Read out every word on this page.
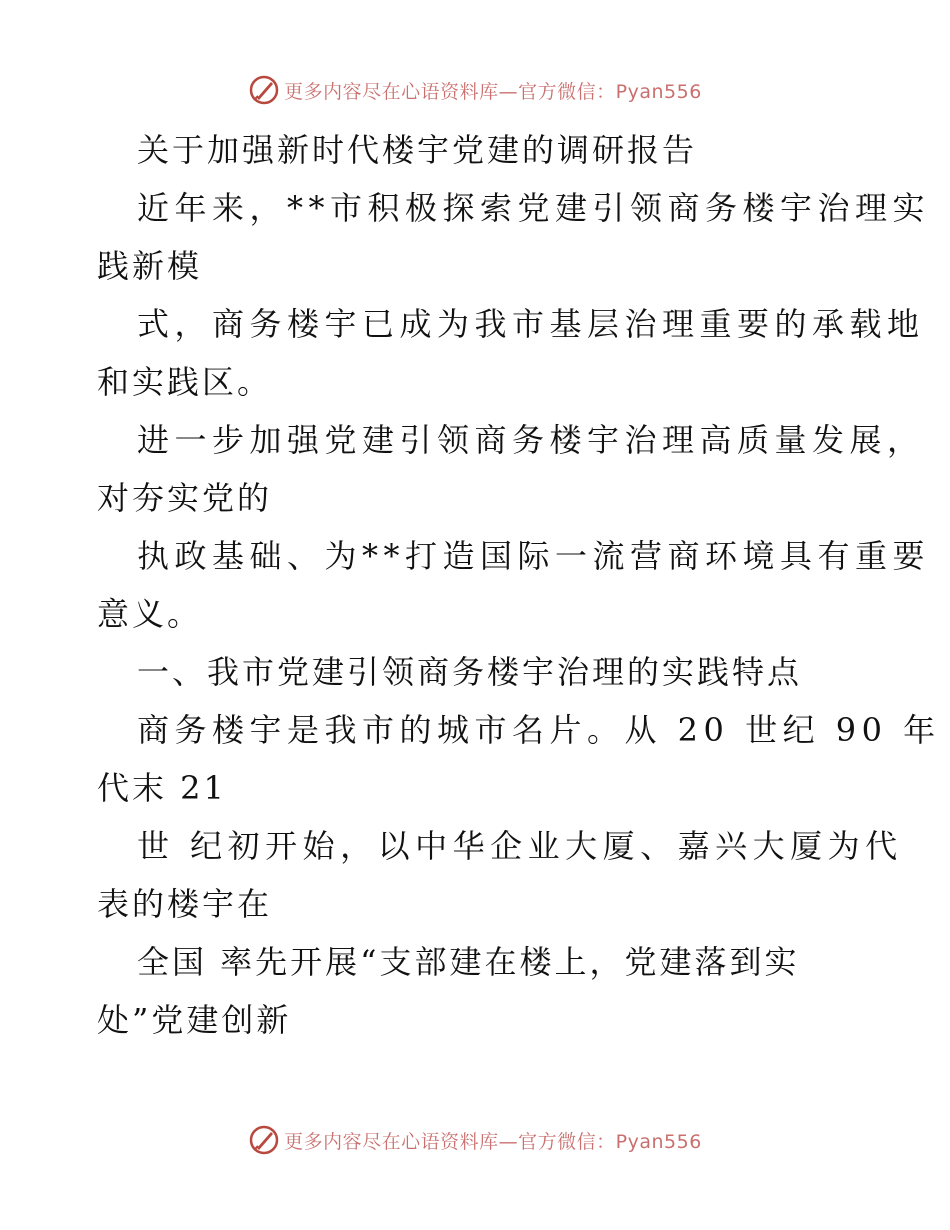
更多内容尽在心语资料库—官方微信：Pyan556
关于加强新时代楼宇党建的调研报告
近年来，**市积极探索党建引领商务楼宇治理实
践新模
式，商务楼宇已成为我市基层治理重要的承载地
和实践区。
进一步加强党建引领商务楼宇治理高质量发展，
对夯实党的
执政基础、为**打造国际一流营商环境具有重要
意义。
一、我市党建引领商务楼宇治理的实践特点
商务楼宇是我市的城市名片。从 20 世纪 90 年
代末 21
世 纪初开始，以中华企业大厦、嘉兴大厦为代
表的楼宇在
全国 率先开展“支部建在楼上，党建落到实
处”党建创新
更多内容尽在心语资料库—官方微信：Pyan556
